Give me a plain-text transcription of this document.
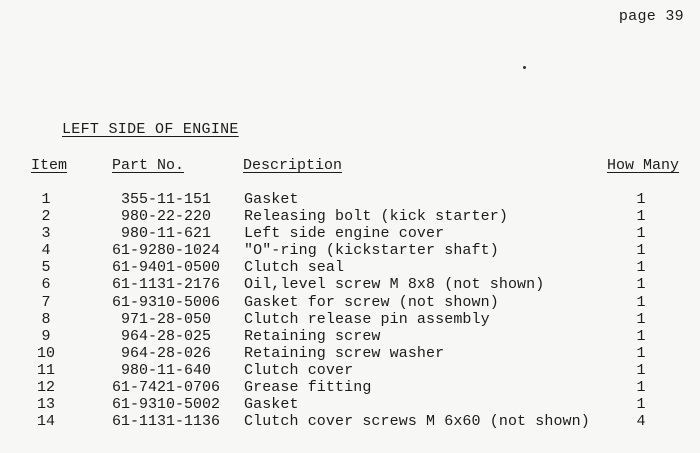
page 39
LEFT SIDE OF ENGINE
Item	Part No.	Description	How Many
1	355-11-151	Gasket	1
2	980-22-220	Releasing bolt (kick starter)	1
3	980-11-621	Left side engine cover	1
4	61-9280-1024	"O"-ring (kickstarter shaft)	1
5	61-9401-0500	Clutch seal	1
6	61-1131-2176	Oil,level screw M 8x8 (not shown)	1
7	61-9310-5006	Gasket for screw (not shown)	1
8	971-28-050	Clutch release pin assembly	1
9	964-28-025	Retaining screw	1
10	964-28-026	Retaining screw washer	1
11	980-11-640	Clutch cover	1
12	61-7421-0706	Grease fitting	1
13	61-9310-5002	Gasket	1
14	61-1131-1136	Clutch cover screws M 6x60 (not shown)	4
